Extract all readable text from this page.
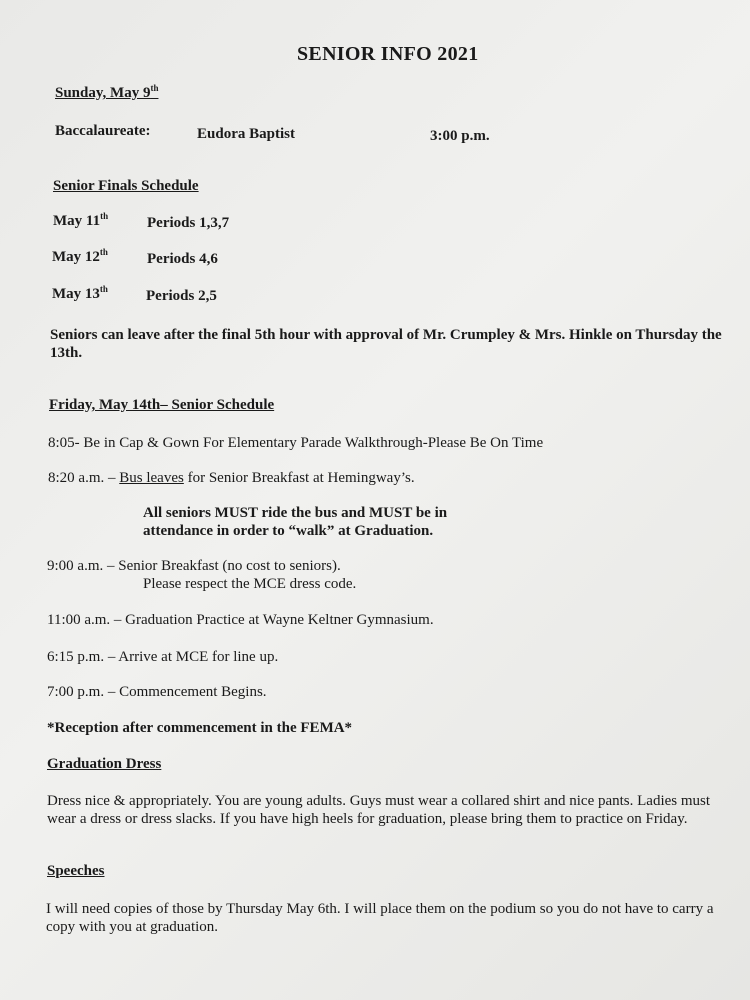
SENIOR INFO 2021
Sunday, May 9th
Baccalaureate:	Eudora Baptist	3:00 p.m.
Senior Finals Schedule
May 11th	Periods 1,3,7
May 12th	Periods 4,6
May 13th	Periods 2,5
Seniors can leave after the final 5th hour with approval of Mr. Crumpley & Mrs. Hinkle on Thursday the 13th.
Friday, May 14th– Senior Schedule
8:05- Be in Cap & Gown For Elementary Parade Walkthrough-Please Be On Time
8:20 a.m. – Bus leaves for Senior Breakfast at Hemingway’s.
All seniors MUST ride the bus and MUST be in
attendance in order to “walk” at Graduation.
9:00 a.m. – Senior Breakfast (no cost to seniors).
Please respect the MCE dress code.
11:00 a.m. – Graduation Practice at Wayne Keltner Gymnasium.
6:15 p.m. – Arrive at MCE for line up.
7:00 p.m. – Commencement Begins.
*Reception after commencement in the FEMA*
Graduation Dress
Dress nice & appropriately. You are young adults. Guys must wear a collared shirt and nice pants. Ladies must wear a dress or dress slacks. If you have high heels for graduation, please bring them to practice on Friday.
Speeches
I will need copies of those by Thursday May 6th. I will place them on the podium so you do not have to carry a copy with you at graduation.
